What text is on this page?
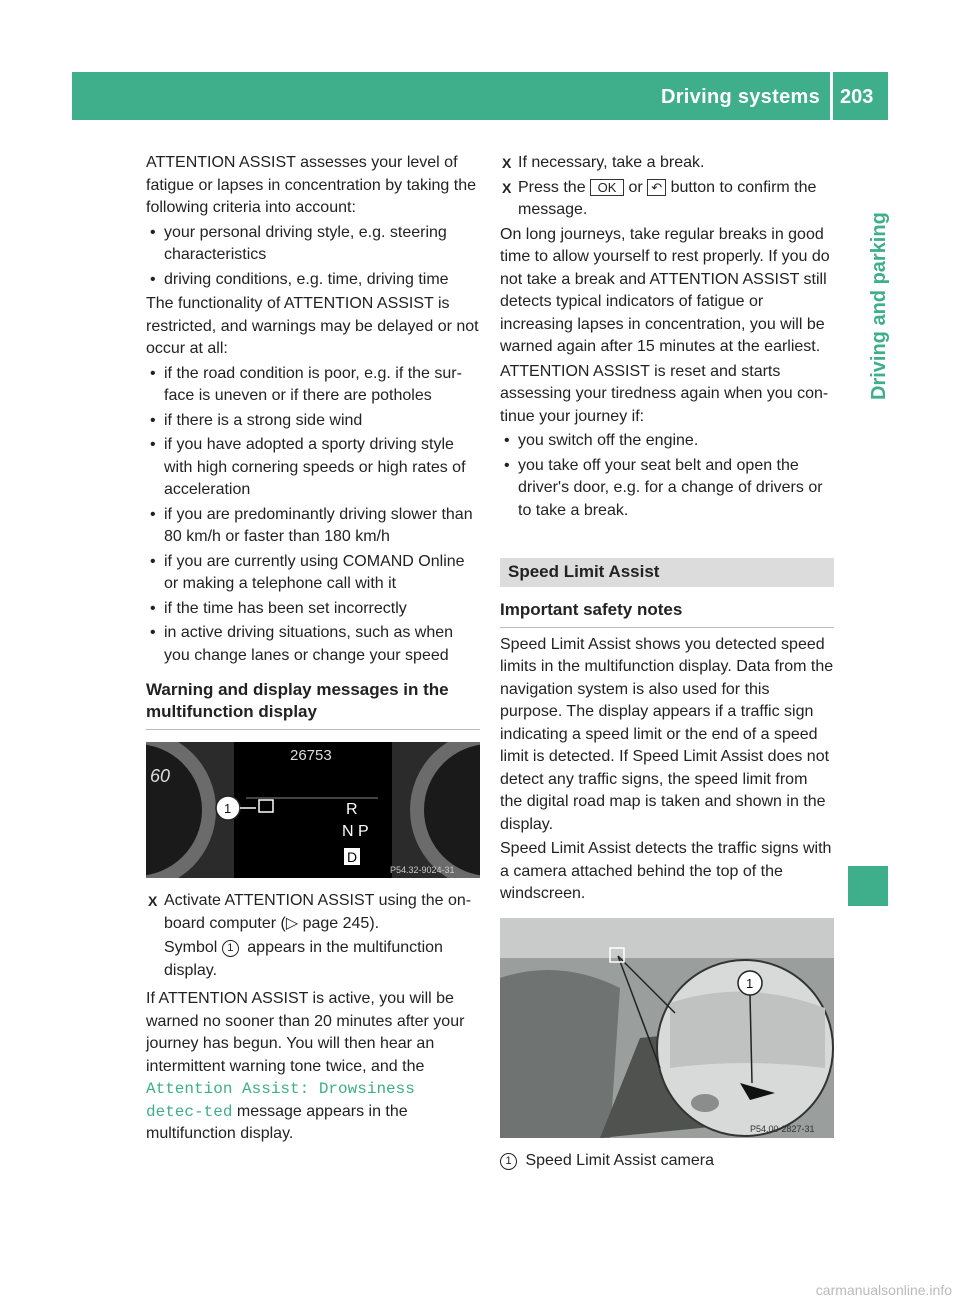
Driving systems 203
Driving and parking

ATTENTION ASSIST assesses your level of fatigue or lapses in concentration by taking the following criteria into account:

• your personal driving style, e.g. steering characteristics
• driving conditions, e.g. time, driving time

The functionality of ATTENTION ASSIST is restricted, and warnings may be delayed or not occur at all:

• if the road condition is poor, e.g. if the sur-face is uneven or if there are potholes
• if there is a strong side wind
• if you have adopted a sporty driving style with high cornering speeds or high rates of acceleration
• if you are predominantly driving slower than 80 km/h or faster than 180 km/h
• if you are currently using COMAND Online or making a telephone call with it
• if the time has been set incorrectly
• in active driving situations, such as when you change lanes or change your speed
Warning and display messages in the multifunction display
60
26753
1	R
N P
D
P54.32-9024-31
X Activate ATTENTION ASSIST using the on-board computer (▷ page 245).
Symbol 1 appears in the multifunction display.

If ATTENTION ASSIST is active, you will be warned no sooner than 20 minutes after your journey has begun. You will then hear an intermittent warning tone twice, and the Attention Assist: Drowsiness detec‐ted message appears in the multifunction display.

X If necessary, take a break.
X Press the  OK  or ↶ button to confirm the message.

On long journeys, take regular breaks in good time to allow yourself to rest properly. If you do not take a break and ATTENTION ASSIST still detects typical indicators of fatigue or increasing lapses in concentration, you will be warned again after 15 minutes at the earliest.

ATTENTION ASSIST is reset and starts assessing your tiredness again when you con-tinue your journey if:

• you switch off the engine.
• you take off your seat belt and open the driver's door, e.g. for a change of drivers or to take a break.
Speed Limit Assist
Important safety notes

Speed Limit Assist shows you detected speed limits in the multifunction display. Data from the navigation system is also used for this purpose. The display appears if a traffic sign indicating a speed limit or the end of a speed limit is detected. If Speed Limit Assist does not detect any traffic signs, the speed limit from the digital road map is taken and shown in the display.

Speed Limit Assist detects the traffic signs with a camera attached behind the top of the windscreen.

1
P54.00-2827-31
1 Speed Limit Assist camera
carmanualsonline.info
